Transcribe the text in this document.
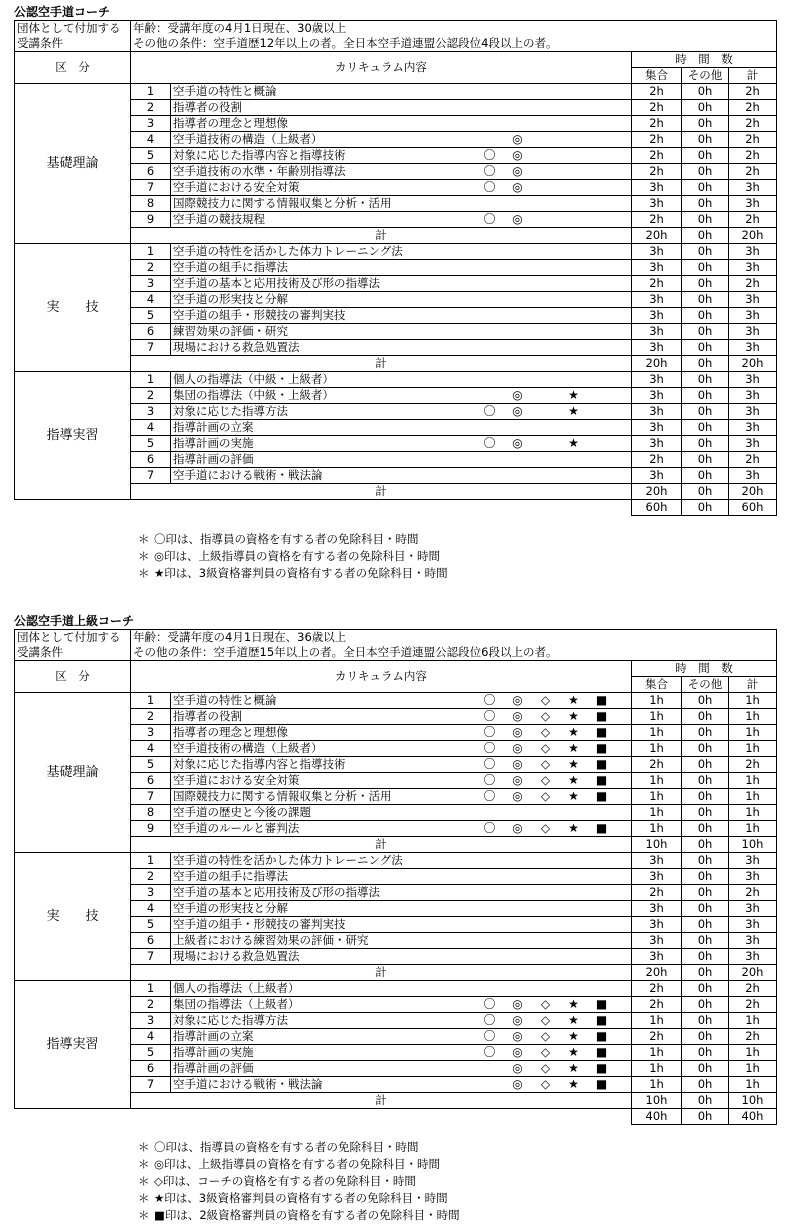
公認空手道コーチ
団体として付加する受講条件	年齢：受講年度の4月1日現在、30歳以上
その他の条件：空手道歴12年以上の者。全日本空手道連盟公認段位4段以上の者。					

区　分	カリキュラム内容			時　間　数		
				集合	その他	計
基礎理論	1	空手道の特性と概論		2h	0h	2h
	2	指導者の役割		2h	0h	2h
	3	指導者の理念と理想像		2h	0h	2h
	4	空手道技術の構造（上級者）	◎	2h	0h	2h
	5	対象に応じた指導内容と指導技術	〇 ◎	2h	0h	2h
	6	空手道技術の水準・年齢別指導法	〇 ◎	2h	0h	2h
	7	空手道における安全対策	〇 ◎	3h	0h	3h
	8	国際競技力に関する情報収集と分析・活用		3h	0h	3h
	9	空手道の競技規程	〇 ◎	2h	0h	2h
	計			20h	0h	20h
実　　技	1	空手道の特性を活かした体力トレーニング法		3h	0h	3h
	2	空手道の組手に指導法		3h	0h	3h
	3	空手道の基本と応用技術及び形の指導法		2h	0h	2h
	4	空手道の形実技と分解		3h	0h	3h
	5	空手道の組手・形競技の審判実技		3h	0h	3h
	6	練習効果の評価・研究		3h	0h	3h
	7	現場における救急処置法		3h	0h	3h
	計			20h	0h	20h
指導実習	1	個人の指導法（中級・上級者）		3h	0h	3h
	2	集団の指導法（中級・上級者）	◎ ★	3h	0h	3h
	3	対象に応じた指導方法	〇 ◎ ★	3h	0h	3h
	4	指導計画の立案		3h	0h	3h
	5	指導計画の実施	〇 ◎ ★	3h	0h	3h
	6	指導計画の評価		2h	0h	2h
	7	空手道における戦術・戦法論		3h	0h	3h
	計			20h	0h	20h
				60h	0h	60h
＊ 〇印は、指導員の資格を有する者の免除科目・時間
＊ ◎印は、上級指導員の資格を有する者の免除科目・時間
＊ ★印は、3級資格審判員の資格有する者の免除科目・時間
公認空手道上級コーチ
団体として付加する受講条件	年齢：受講年度の4月1日現在、36歳以上
その他の条件：空手道歴15年以上の者。全日本空手道連盟公認段位6段以上の者。					

区　分	カリキュラム内容			時　間　数		
				集合	その他	計
基礎理論	1	空手道の特性と概論	〇 ◎ ◇ ★ ■	1h	0h	1h
	2	指導者の役割	〇 ◎ ◇ ★ ■	1h	0h	1h
	3	指導者の理念と理想像	〇 ◎ ◇ ★ ■	1h	0h	1h
	4	空手道技術の構造（上級者）	〇 ◎ ◇ ★ ■	1h	0h	1h
	5	対象に応じた指導内容と指導技術	〇 ◎ ◇ ★ ■	2h	0h	2h
	6	空手道における安全対策	〇 ◎ ◇ ★ ■	1h	0h	1h
	7	国際競技力に関する情報収集と分析・活用	〇 ◎ ◇ ★ ■	1h	0h	1h
	8	空手道の歴史と今後の課題		1h	0h	1h
	9	空手道のルールと審判法	〇 ◎ ◇ ★ ■	1h	0h	1h
	計			10h	0h	10h
実　　技	1	空手道の特性を活かした体力トレーニング法		3h	0h	3h
	2	空手道の組手に指導法		3h	0h	3h
	3	空手道の基本と応用技術及び形の指導法		2h	0h	2h
	4	空手道の形実技と分解		3h	0h	3h
	5	空手道の組手・形競技の審判実技		3h	0h	3h
	6	上級者における練習効果の評価・研究		3h	0h	3h
	7	現場における救急処置法		3h	0h	3h
	計			20h	0h	20h
指導実習	1	個人の指導法（上級者）		2h	0h	2h
	2	集団の指導法（上級者）	〇 ◎ ◇ ★ ■	2h	0h	2h
	3	対象に応じた指導方法	〇 ◎ ◇ ★ ■	1h	0h	1h
	4	指導計画の立案	〇 ◎ ◇ ★ ■	2h	0h	2h
	5	指導計画の実施	〇 ◎ ◇ ★ ■	1h	0h	1h
	6	指導計画の評価	◎ ◇ ★ ■	1h	0h	1h
	7	空手道における戦術・戦法論	◎ ◇ ★ ■	1h	0h	1h
	計			10h	0h	10h
				40h	0h	40h
＊ 〇印は、指導員の資格を有する者の免除科目・時間
＊ ◎印は、上級指導員の資格を有する者の免除科目・時間
＊ ◇印は、コーチの資格を有する者の免除科目・時間
＊ ★印は、3級資格審判員の資格有する者の免除科目・時間
＊ ■印は、2級資格審判員の資格を有する者の免除科目・時間
